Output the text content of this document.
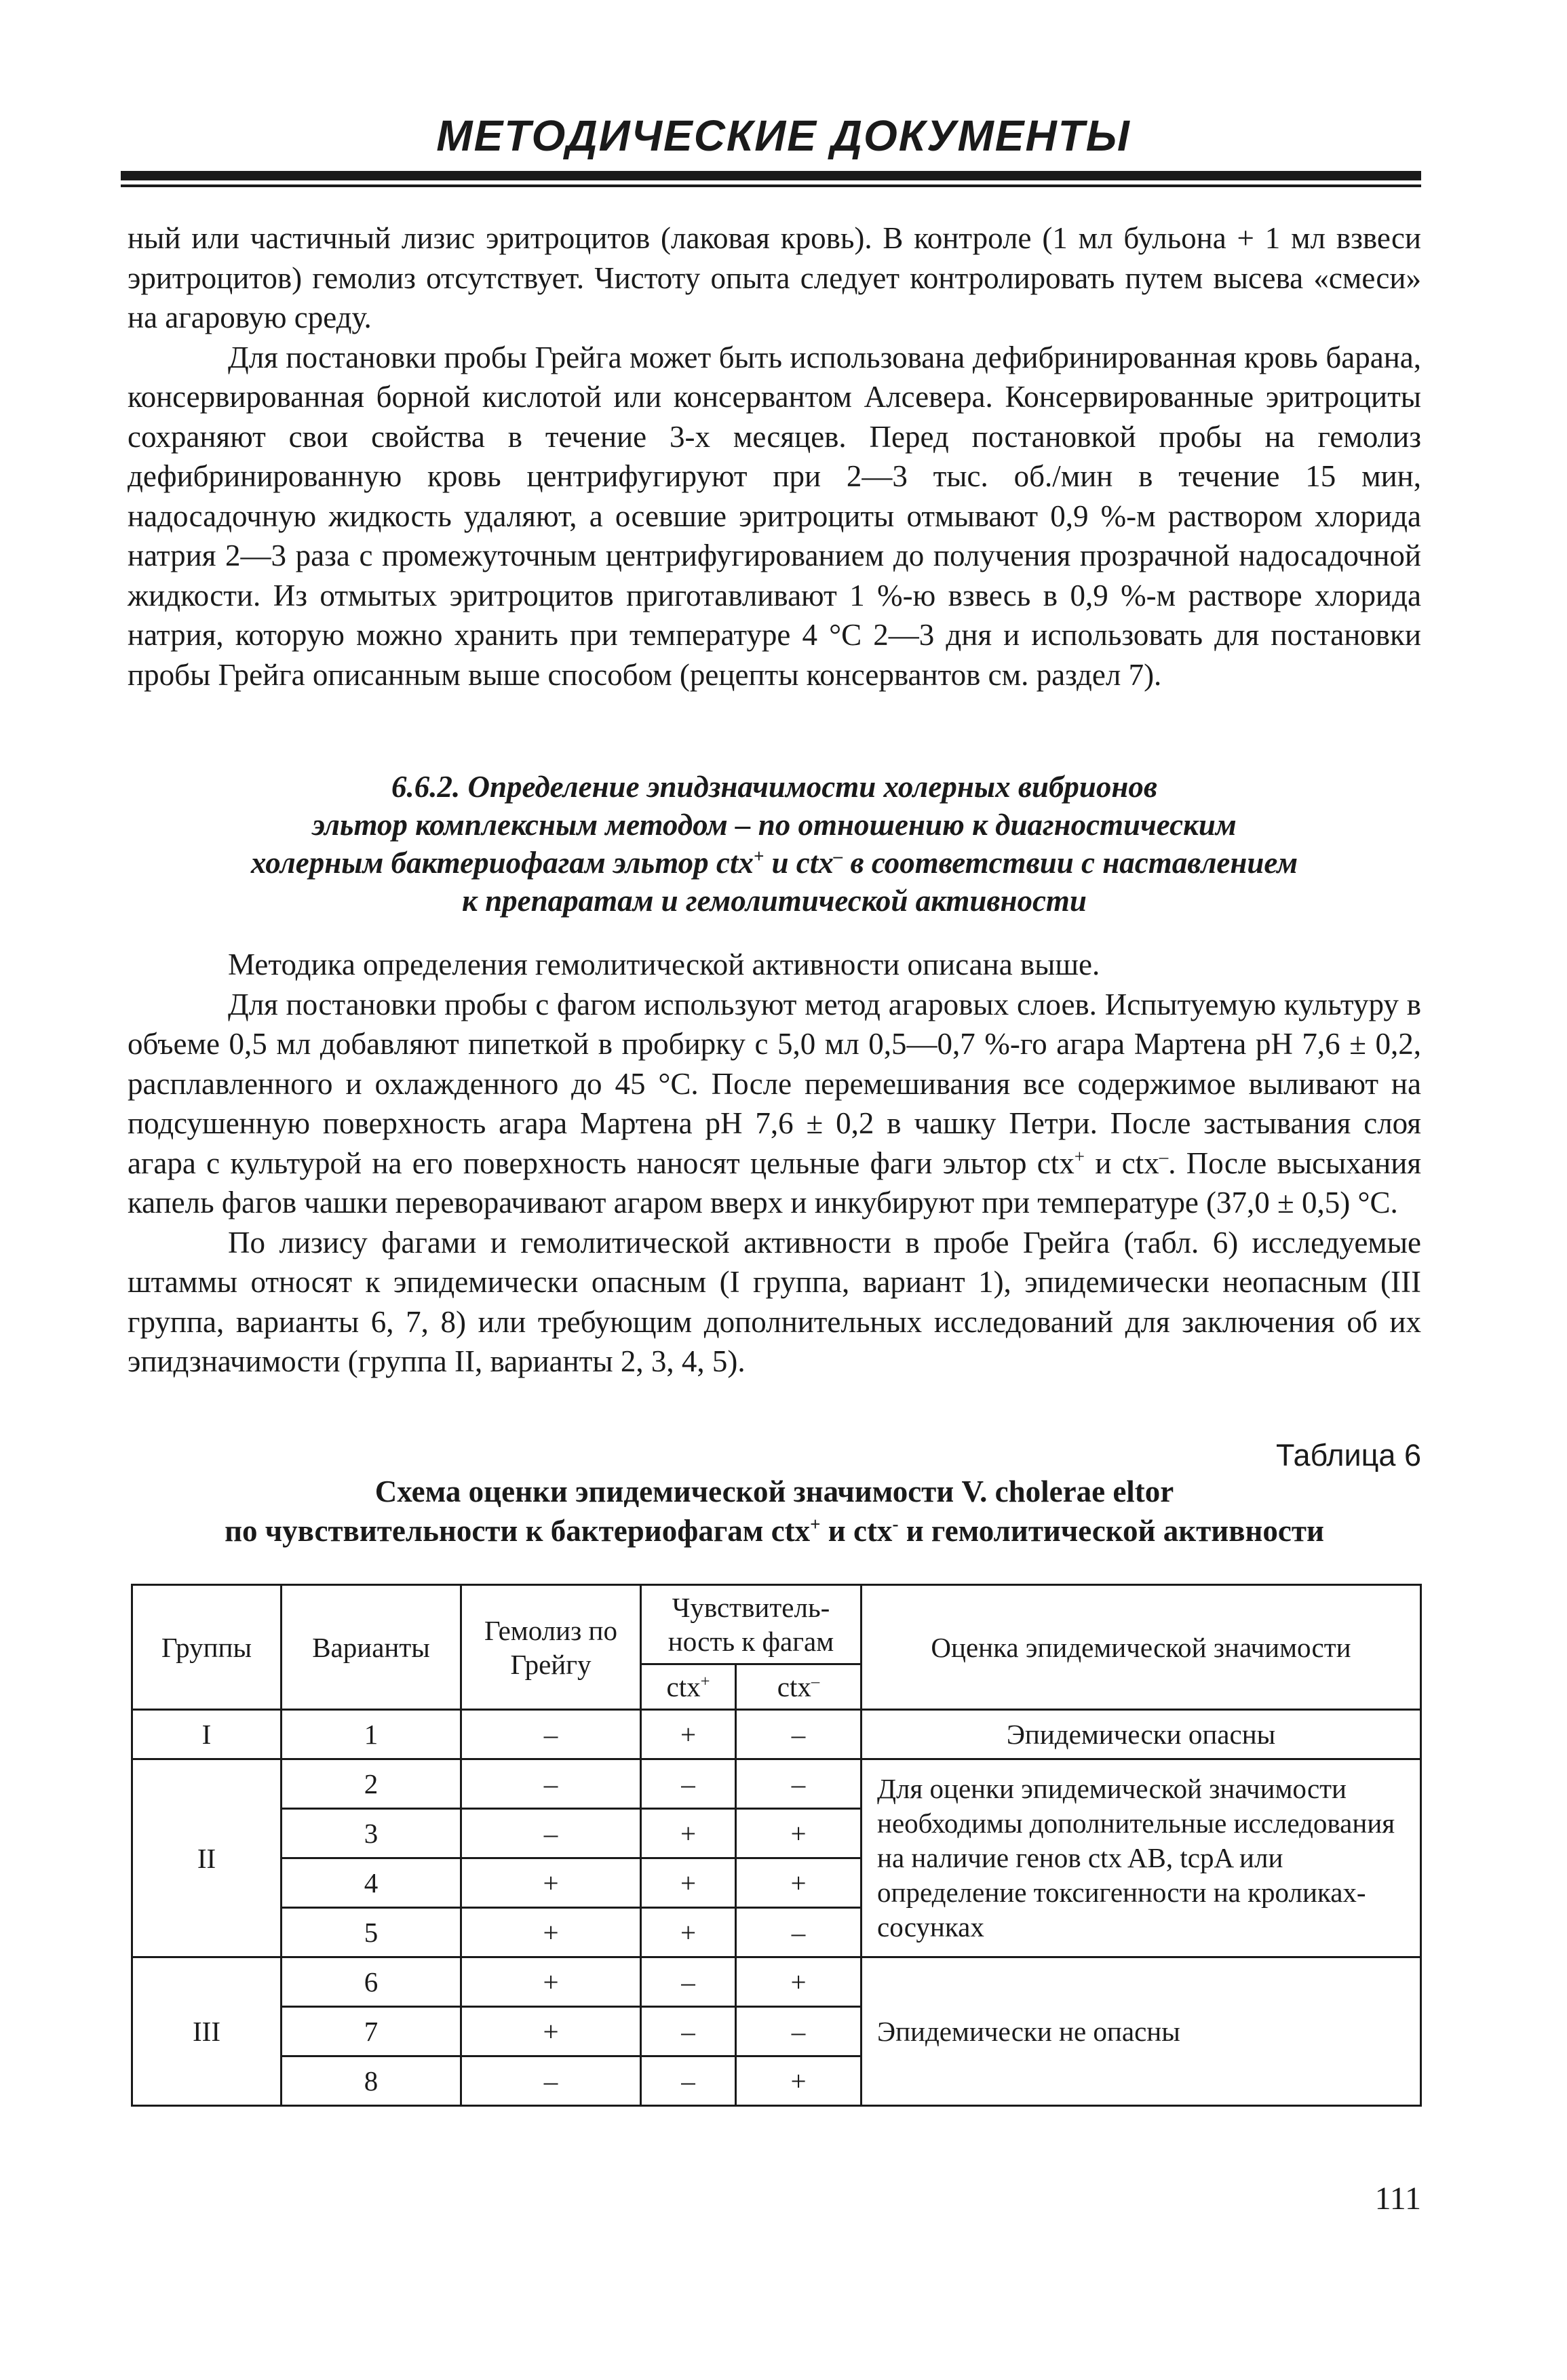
МЕТОДИЧЕСКИЕ ДОКУМЕНТЫ

ный или частичный лизис эритроцитов (лаковая кровь). В контроле (1 мл бульона + 1 мл взвеси эритроцитов) гемолиз отсутствует. Чистоту опыта следует контролировать путем высева «смеси» на агаровую среду.

Для постановки пробы Грейга может быть использована дефибринированная кровь барана, консервированная борной кислотой или консервантом Алсевера. Консервированные эритроциты сохраняют свои свойства в течение 3-х месяцев. Перед постановкой пробы на гемолиз дефибринированную кровь центрифугируют при 2—3 тыс. об./мин в течение 15 мин, надосадочную жидкость удаляют, а осевшие эритроциты отмывают 0,9 %-м раствором хлорида натрия 2—3 раза с промежуточным центрифугированием до получения прозрачной надосадочной жидкости. Из отмытых эритроцитов приготавливают 1 %-ю взвесь в 0,9 %-м растворе хлорида натрия, которую можно хранить при температуре 4 °С 2—3 дня и использовать для постановки пробы Грейга описанным выше способом (рецепты консервантов см. раздел 7).

6.6.2. Определение эпидзначимости холерных вибрионов
эльтор комплексным методом – по отношению к диагностическим
холерным бактериофагам эльтор ctx+ и ctx– в соответствии с наставлением
к препаратам и гемолитической активности

Методика определения гемолитической активности описана выше.

Для постановки пробы с фагом используют метод агаровых слоев. Испытуемую культуру в объеме 0,5 мл добавляют пипеткой в пробирку с 5,0 мл 0,5—0,7 %-го агара Мартена рН 7,6 ± 0,2, расплавленного и охлажденного до 45 °С. После перемешивания все содержимое выливают на подсушенную поверхность агара Мартена рН 7,6 ± 0,2 в чашку Петри. После застывания слоя агара с культурой на его поверхность наносят цельные фаги эльтор ctx+ и ctx–. После высыхания капель фагов чашки переворачивают агаром вверх и инкубируют при температуре (37,0 ± 0,5) °С.

По лизису фагами и гемолитической активности в пробе Грейга (табл. 6) исследуемые штаммы относят к эпидемически опасным (I группа, вариант 1), эпидемически неопасным (III группа, варианты 6, 7, 8) или требующим дополнительных исследований для заключения об их эпидзначимости (группа II, варианты 2, 3, 4, 5).

Таблица 6
Схема оценки эпидемической значимости V. cholerae eltor
по чувствительности к бактериофагам ctx+ и ctx- и гемолитической активности
Группы	Варианты	Гемолиз по Грейгу	Чувствитель-ность к фагам		Оценка эпидемической значимости
			ctx+	ctx–
I	1	–	+	–	Эпидемически опасны
II	2	–	–	–	Для оценки эпидемической значимости необходимы дополнительные исследования на наличие генов ctx AB, tcpA или определение токсигенности на кроликах-сосунках
	3	–	+	+	
	4	+	+	+	
	5	+	+	–	
III	6	+	–	+	Эпидемически не опасны
	7	+	–	–	
	8	–	–	+	
111
